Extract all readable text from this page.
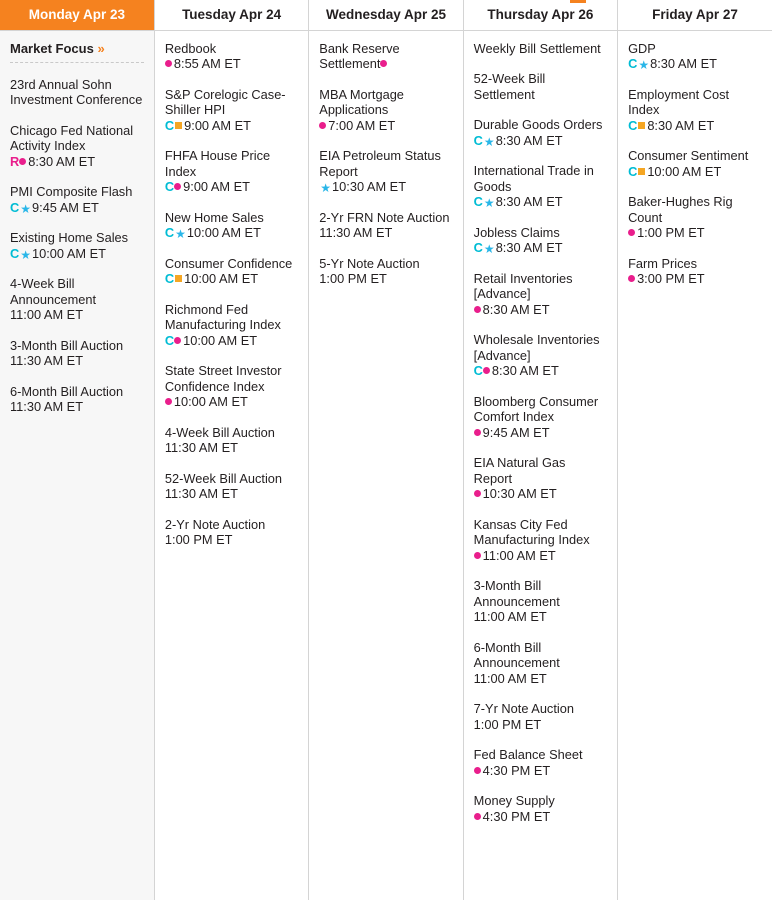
Monday Apr 23	Tuesday Apr 24	Wednesday Apr 25	Thursday Apr 26	Friday Apr 27

Market Focus »
23rd Annual Sohn Investment Conference
Chicago Fed National Activity Index
R 8:30 AM ET
PMI Composite Flash
C★9:45 AM ET
Existing Home Sales
C★10:00 AM ET
4-Week Bill Announcement
11:00 AM ET
3-Month Bill Auction
11:30 AM ET
6-Month Bill Auction
11:30 AM ET

Redbook
8:55 AM ET
S&P Corelogic Case-Shiller HPI
C 9:00 AM ET
FHFA House Price Index
C 9:00 AM ET
New Home Sales
C★10:00 AM ET
Consumer Confidence
C 10:00 AM ET
Richmond Fed Manufacturing Index
C 10:00 AM ET
State Street Investor Confidence Index
10:00 AM ET
4-Week Bill Auction
11:30 AM ET
52-Week Bill Auction
11:30 AM ET
2-Yr Note Auction
1:00 PM ET

Bank Reserve Settlement
MBA Mortgage Applications
7:00 AM ET
EIA Petroleum Status Report
★10:30 AM ET
2-Yr FRN Note Auction
11:30 AM ET
5-Yr Note Auction
1:00 PM ET

Weekly Bill Settlement
52-Week Bill Settlement
Durable Goods Orders
C★8:30 AM ET
International Trade in Goods
C★8:30 AM ET
Jobless Claims
C★8:30 AM ET
Retail Inventories [Advance]
8:30 AM ET
Wholesale Inventories [Advance]
C 8:30 AM ET
Bloomberg Consumer Comfort Index
9:45 AM ET
EIA Natural Gas Report
10:30 AM ET
Kansas City Fed Manufacturing Index
11:00 AM ET
3-Month Bill Announcement
11:00 AM ET
6-Month Bill Announcement
11:00 AM ET
7-Yr Note Auction
1:00 PM ET
Fed Balance Sheet
4:30 PM ET
Money Supply
4:30 PM ET

GDP
C★8:30 AM ET
Employment Cost Index
C 8:30 AM ET
Consumer Sentiment
C 10:00 AM ET
Baker-Hughes Rig Count
1:00 PM ET
Farm Prices
3:00 PM ET
